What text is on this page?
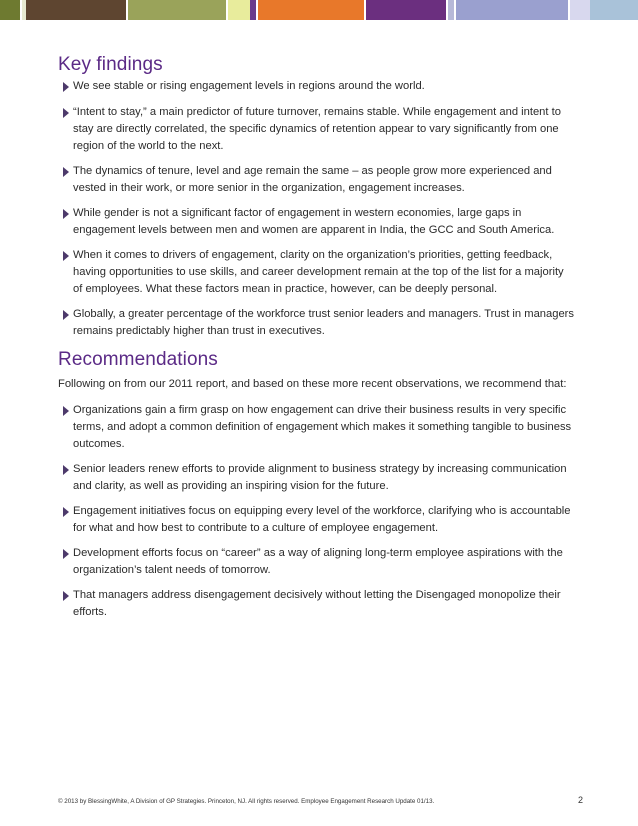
Key findings
We see stable or rising engagement levels in regions around the world.
“Intent to stay,” a main predictor of future turnover, remains stable. While engagement and intent to
stay are directly correlated, the specific dynamics of retention appear to vary significantly from one
region of the world to the next.
The dynamics of tenure, level and age remain the same – as people grow more experienced and
vested in their work, or more senior in the organization, engagement increases.
While gender is not a significant factor of engagement in western economies, large gaps in
engagement levels between men and women are apparent in India, the GCC and South America.
When it comes to drivers of engagement, clarity on the organization’s priorities, getting feedback,
having opportunities to use skills, and career development remain at the top of the list for a majority
of employees. What these factors mean in practice, however, can be deeply personal.
Globally, a greater percentage of the workforce trust senior leaders and managers. Trust in managers
remains predictably higher than trust in executives.
Recommendations
Following on from our 2011 report, and based on these more recent observations, we recommend that:
Organizations gain a firm grasp on how engagement can drive their business results in very specific
terms, and adopt a common definition of engagement which makes it something tangible to business
outcomes.
Senior leaders renew efforts to provide alignment to business strategy by increasing communication
and clarity, as well as providing an inspiring vision for the future.
Engagement initiatives focus on equipping every level of the workforce, clarifying who is accountable
for what and how best to contribute to a culture of employee engagement.
Development efforts focus on “career” as a way of aligning long-term employee aspirations with the
organization’s talent needs of tomorrow.
That managers address disengagement decisively without letting the Disengaged monopolize their
efforts.
© 2013 by BlessingWhite, A Division of GP Strategies. Princeton, NJ. All rights reserved. Employee Engagement Research Update 01/13.	2
